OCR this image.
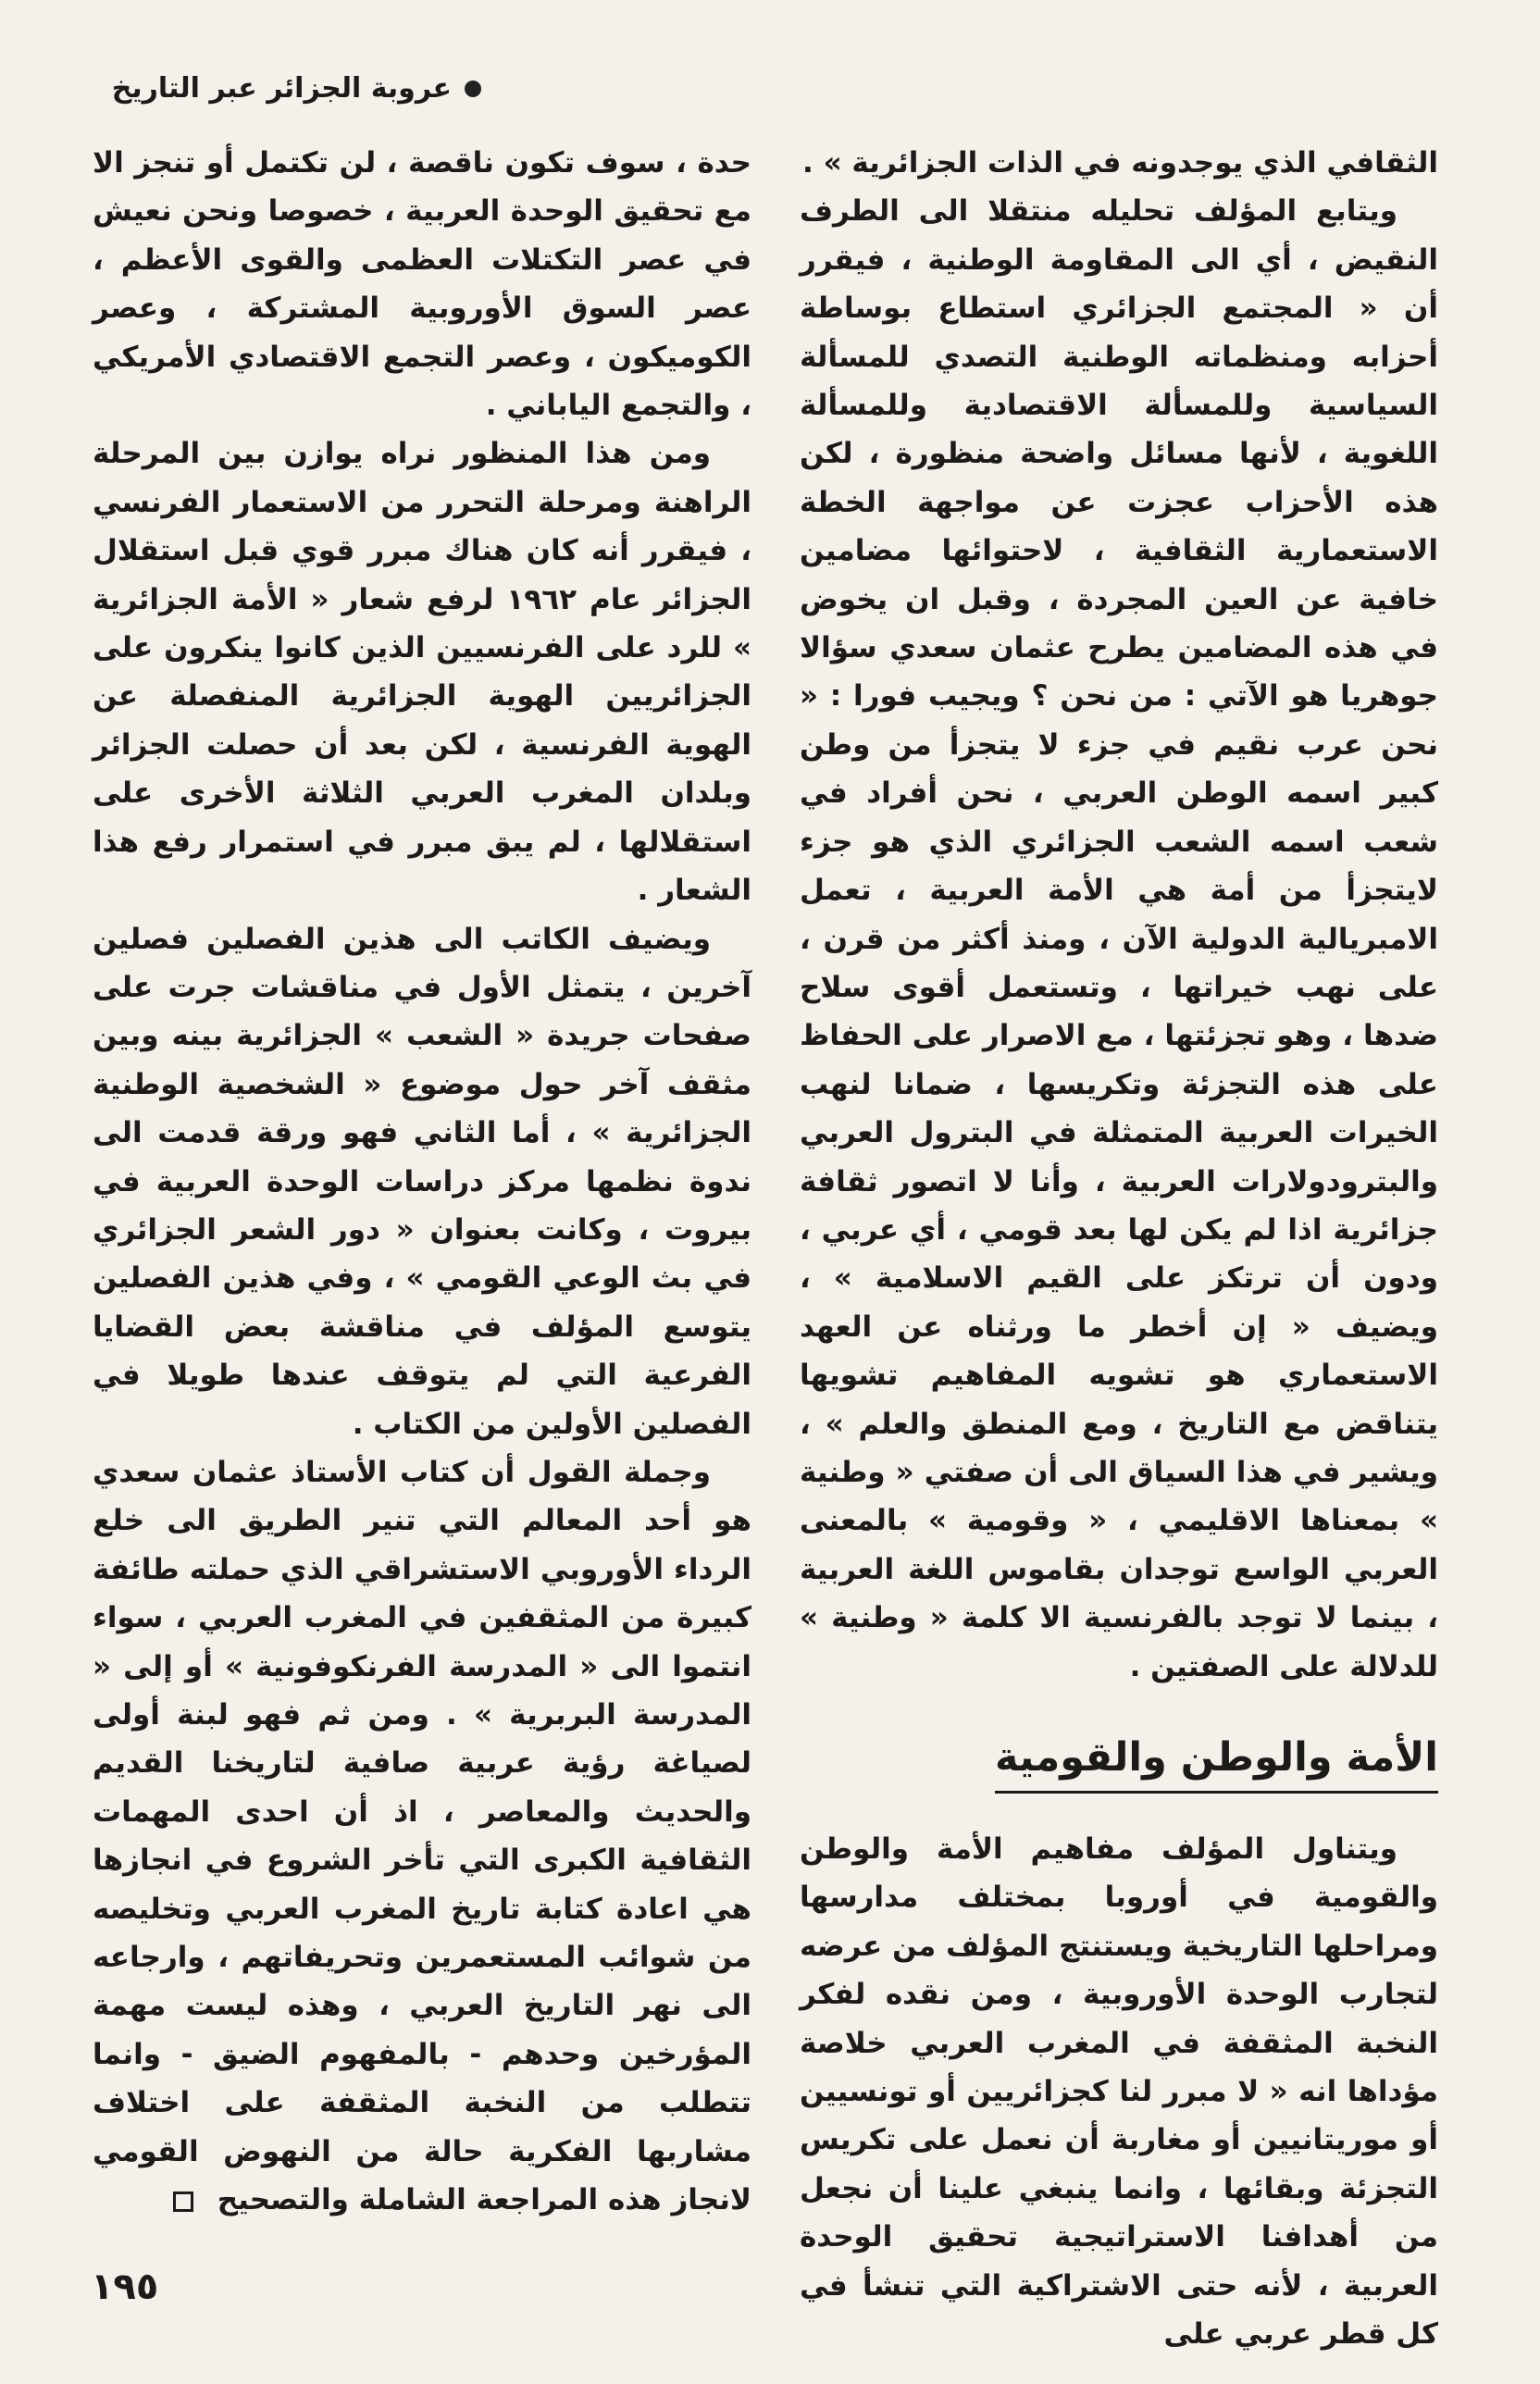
عروبة الجزائر عبر التاريخ

الثقافي الذي يوجدونه في الذات الجزائرية » .

ويتابع المؤلف تحليله منتقلا الى الطرف النقيض ، أي الى المقاومة الوطنية ، فيقرر أن « المجتمع الجزائري استطاع بوساطة أحزابه ومنظماته الوطنية التصدي للمسألة السياسية وللمسألة الاقتصادية وللمسألة اللغوية ، لأنها مسائل واضحة منظورة ، لكن هذه الأحزاب عجزت عن مواجهة الخطة الاستعمارية الثقافية ، لاحتوائها مضامين خافية عن العين المجردة ، وقبل ان يخوض في هذه المضامين يطرح عثمان سعدي سؤالا جوهريا هو الآتي : من نحن ؟ ويجيب فورا : « نحن عرب نقيم في جزء لا يتجزأ من وطن كبير اسمه الوطن العربي ، نحن أفراد في شعب اسمه الشعب الجزائري الذي هو جزء لايتجزأ من أمة هي الأمة العربية ، تعمل الامبريالية الدولية الآن ، ومنذ أكثر من قرن ، على نهب خيراتها ، وتستعمل أقوى سلاح ضدها ، وهو تجزئتها ، مع الاصرار على الحفاظ على هذه التجزئة وتكريسها ، ضمانا لنهب الخيرات العربية المتمثلة في البترول العربي والبترودولارات العربية ، وأنا لا اتصور ثقافة جزائرية اذا لم يكن لها بعد قومي ، أي عربي ، ودون أن ترتكز على القيم الاسلامية » ، ويضيف « إن أخطر ما ورثناه عن العهد الاستعماري هو تشويه المفاهيم تشويها يتناقض مع التاريخ ، ومع المنطق والعلم » ، ويشير في هذا السياق الى أن صفتي « وطنية » بمعناها الاقليمي ، « وقومية » بالمعنى العربي الواسع توجدان بقاموس اللغة العربية ، بينما لا توجد بالفرنسية الا كلمة « وطنية » للدلالة على الصفتين .

الأمة والوطن والقومية

ويتناول المؤلف مفاهيم الأمة والوطن والقومية في أوروبا بمختلف مدارسها ومراحلها التاريخية ويستنتج المؤلف من عرضه لتجارب الوحدة الأوروبية ، ومن نقده لفكر النخبة المثقفة في المغرب العربي خلاصة مؤداها انه « لا مبرر لنا كجزائريين أو تونسيين أو موريتانيين أو مغاربة أن نعمل على تكريس التجزئة وبقائها ، وانما ينبغي علينا أن نجعل من أهدافنا الاستراتيجية تحقيق الوحدة العربية ، لأنه حتى الاشتراكية التي تنشأ في كل قطر عربي على

حدة ، سوف تكون ناقصة ، لن تكتمل أو تنجز الا مع تحقيق الوحدة العربية ، خصوصا ونحن نعيش في عصر التكتلات العظمى والقوى الأعظم ، عصر السوق الأوروبية المشتركة ، وعصر الكوميكون ، وعصر التجمع الاقتصادي الأمريكي ، والتجمع الياباني .

ومن هذا المنظور نراه يوازن بين المرحلة الراهنة ومرحلة التحرر من الاستعمار الفرنسي ، فيقرر أنه كان هناك مبرر قوي قبل استقلال الجزائر عام ١٩٦٢ لرفع شعار « الأمة الجزائرية » للرد على الفرنسيين الذين كانوا ينكرون على الجزائريين الهوية الجزائرية المنفصلة عن الهوية الفرنسية ، لكن بعد أن حصلت الجزائر وبلدان المغرب العربي الثلاثة الأخرى على استقلالها ، لم يبق مبرر في استمرار رفع هذا الشعار .

ويضيف الكاتب الى هذين الفصلين فصلين آخرين ، يتمثل الأول في مناقشات جرت على صفحات جريدة « الشعب » الجزائرية بينه وبين مثقف آخر حول موضوع « الشخصية الوطنية الجزائرية » ، أما الثاني فهو ورقة قدمت الى ندوة نظمها مركز دراسات الوحدة العربية في بيروت ، وكانت بعنوان « دور الشعر الجزائري في بث الوعي القومي » ، وفي هذين الفصلين يتوسع المؤلف في مناقشة بعض القضايا الفرعية التي لم يتوقف عندها طويلا في الفصلين الأولين من الكتاب .

وجملة القول أن كتاب الأستاذ عثمان سعدي هو أحد المعالم التي تنير الطريق الى خلع الرداء الأوروبي الاستشراقي الذي حملته طائفة كبيرة من المثقفين في المغرب العربي ، سواء انتموا الى « المدرسة الفرنكوفونية » أو إلى « المدرسة البربرية » . ومن ثم فهو لبنة أولى لصياغة رؤية عربية صافية لتاريخنا القديم والحديث والمعاصر ، اذ أن احدى المهمات الثقافية الكبرى التي تأخر الشروع في انجازها هي اعادة كتابة تاريخ المغرب العربي وتخليصه من شوائب المستعمرين وتحريفاتهم ، وارجاعه الى نهر التاريخ العربي ، وهذه ليست مهمة المؤرخين وحدهم - بالمفهوم الضيق - وانما تتطلب من النخبة المثقفة على اختلاف مشاربها الفكرية حالة من النهوض القومي لانجاز هذه المراجعة الشاملة والتصحيح

١٩٥
